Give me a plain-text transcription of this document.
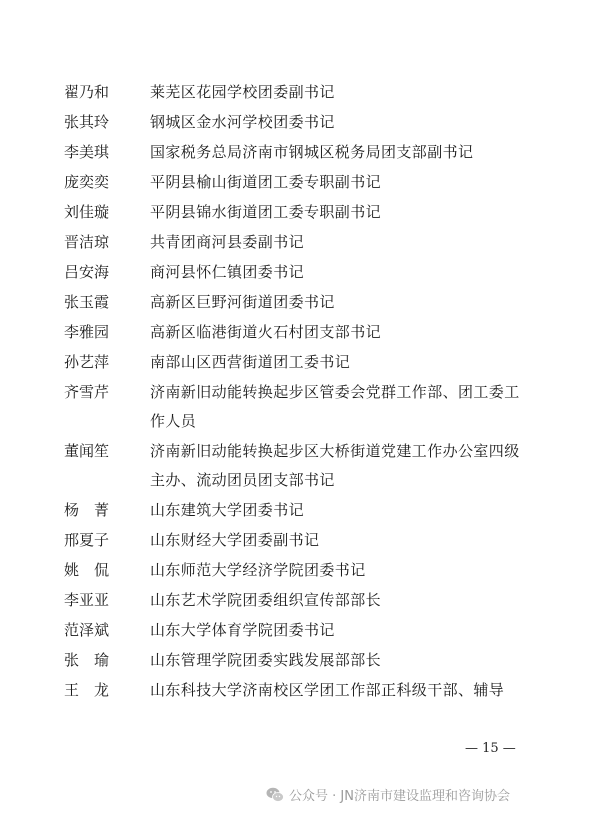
翟乃和	莱芜区花园学校团委副书记
张其玲	钢城区金水河学校团委书记
李美琪	国家税务总局济南市钢城区税务局团支部副书记
庞奕奕	平阴县榆山街道团工委专职副书记
刘佳璇	平阴县锦水街道团工委专职副书记
晋洁琼	共青团商河县委副书记
吕安海	商河县怀仁镇团委书记
张玉霞	高新区巨野河街道团委书记
李雅园	高新区临港街道火石村团支部书记
孙艺萍	南部山区西营街道团工委书记
齐雪芹	济南新旧动能转换起步区管委会党群工作部、团工委工作人员
董闻笙	济南新旧动能转换起步区大桥街道党建工作办公室四级主办、流动团员团支部书记
杨　菁	山东建筑大学团委书记
邢夏子	山东财经大学团委副书记
姚　侃	山东师范大学经济学院团委书记
李亚亚	山东艺术学院团委组织宣传部部长
范泽斌	山东大学体育学院团委书记
张　瑜	山东管理学院团委实践发展部部长
王　龙	山东科技大学济南校区学团工作部正科级干部、辅导
— 15 —
公众号 · JN济南市建设监理和咨询协会
